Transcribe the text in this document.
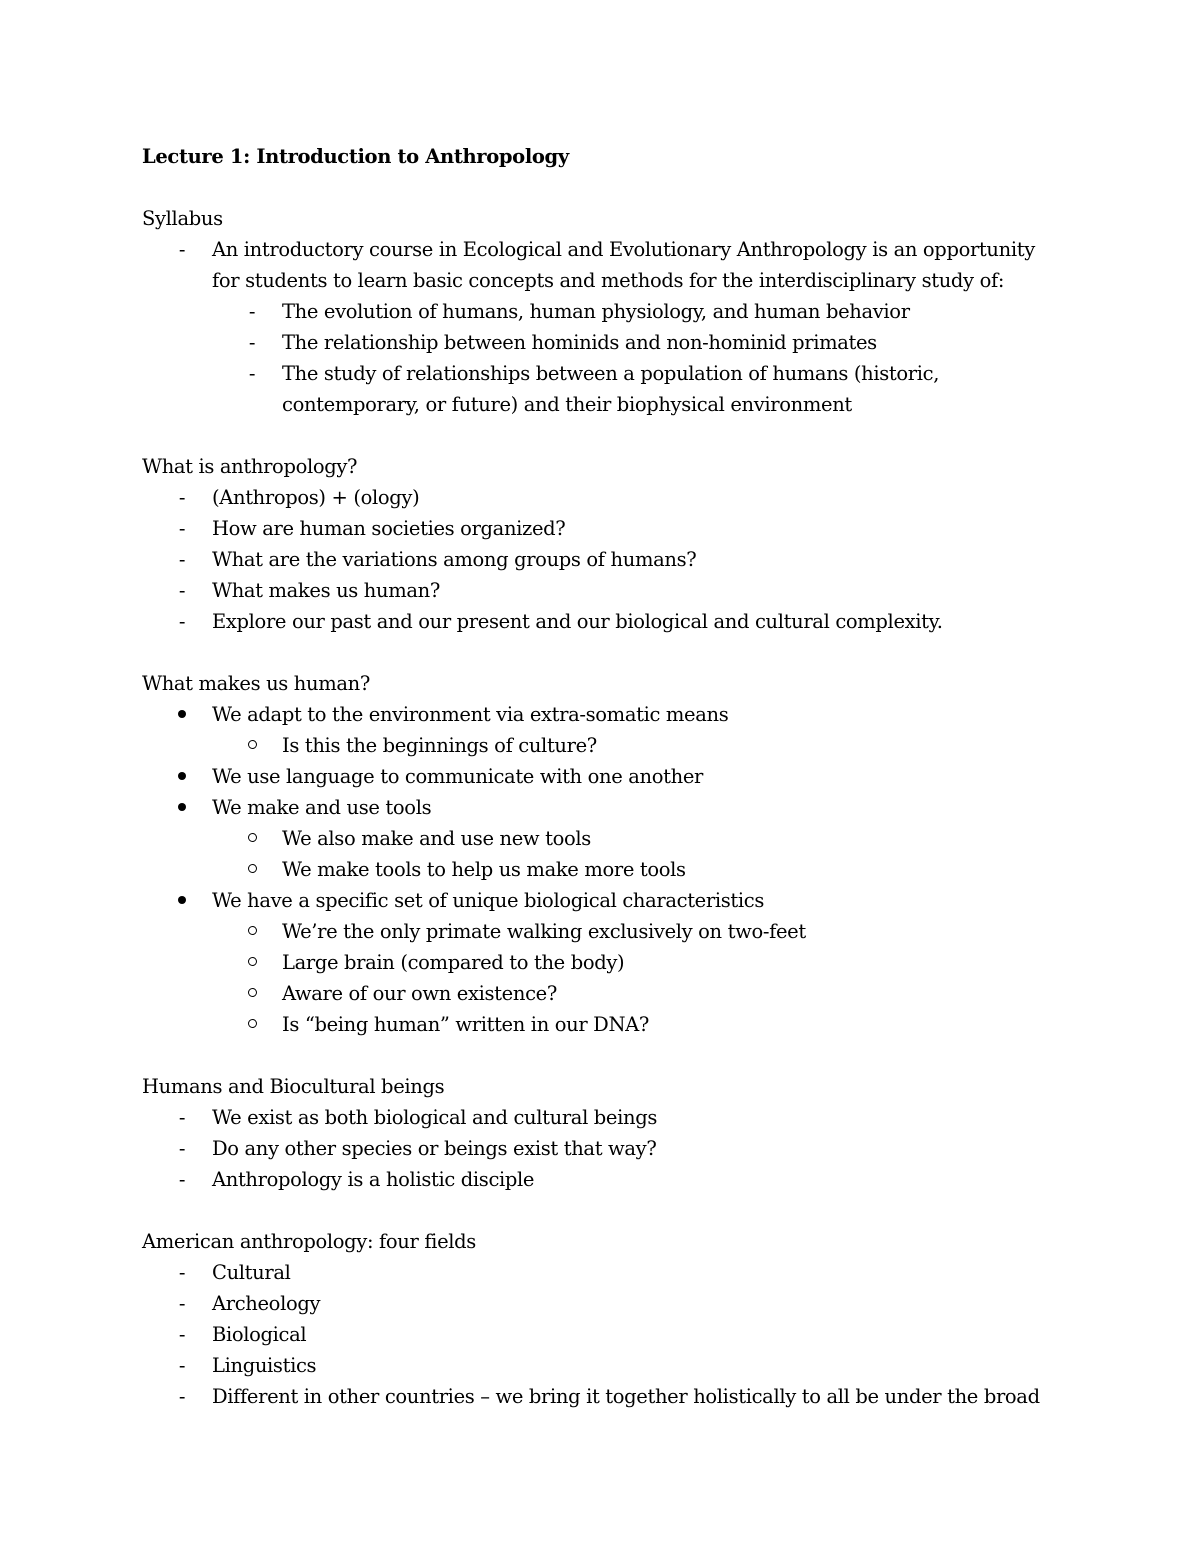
Lecture 1: Introduction to Anthropology
Syllabus
-	An introductory course in Ecological and Evolutionary Anthropology is an opportunity for students to learn basic concepts and methods for the interdisciplinary study of:
-	The evolution of humans, human physiology, and human behavior
-	The relationship between hominids and non-hominid primates
-	The study of relationships between a population of humans (historic, contemporary, or future) and their biophysical environment
What is anthropology?
-	(Anthropos) + (ology)
-	How are human societies organized?
-	What are the variations among groups of humans?
-	What makes us human?
-	Explore our past and our present and our biological and cultural complexity.
What makes us human?
We adapt to the environment via extra-somatic means
Is this the beginnings of culture?
We use language to communicate with one another
We make and use tools
We also make and use new tools
We make tools to help us make more tools
We have a specific set of unique biological characteristics
We’re the only primate walking exclusively on two-feet
Large brain (compared to the body)
Aware of our own existence?
Is “being human” written in our DNA?
Humans and Biocultural beings
-	We exist as both biological and cultural beings
-	Do any other species or beings exist that way?
-	Anthropology is a holistic disciple
American anthropology: four fields
-	Cultural
-	Archeology
-	Biological
-	Linguistics
-	Different in other countries – we bring it together holistically to all be under the broad
